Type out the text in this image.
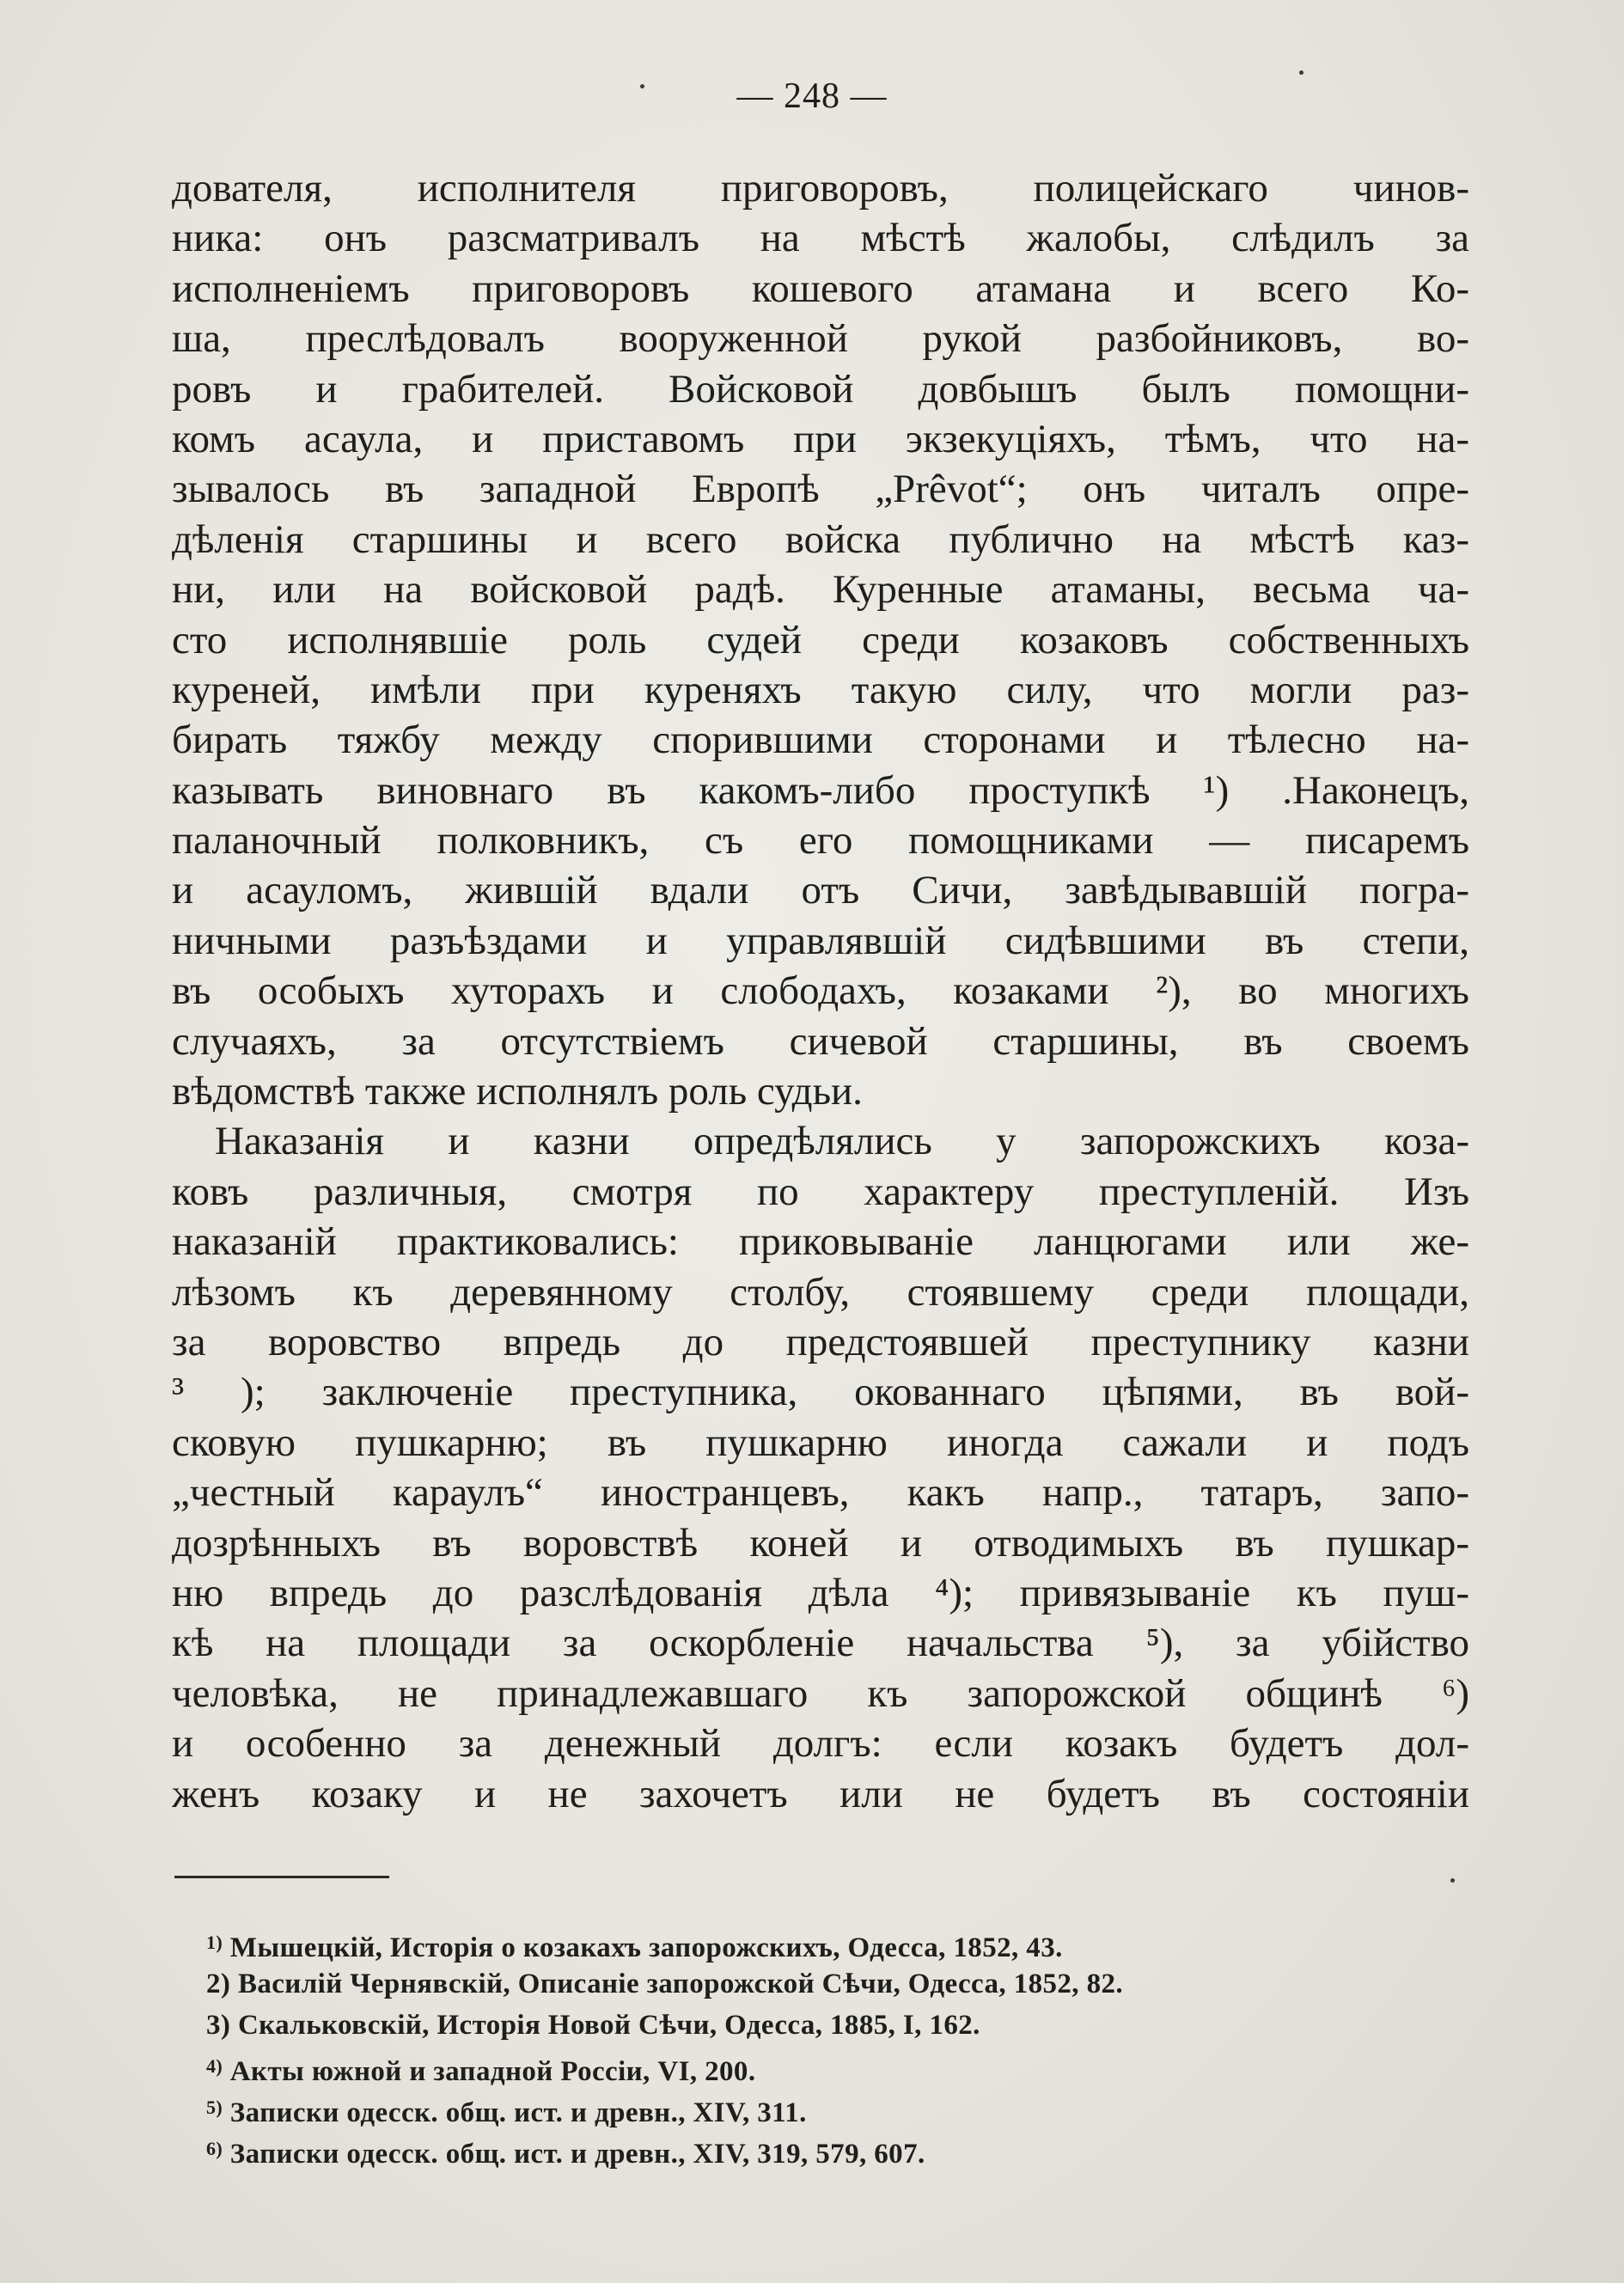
— 248 —
дователя, исполнителя приговоровъ, полицейскаго чинов-
ника: онъ разсматривалъ на мѣстѣ жалобы, слѣдилъ за
исполненіемъ приговоровъ кошевого атамана и всего Ко-
ша, преслѣдовалъ вооруженной рукой разбойниковъ, во-
ровъ и грабителей. Войсковой довбышъ былъ помощни-
комъ асаула, и приставомъ при экзекуціяхъ, тѣмъ, что на-
зывалось въ западной Европѣ „Prêvot“; онъ читалъ опре-
дѣленія старшины и всего войска публично на мѣстѣ каз-
ни, или на войсковой радѣ. Куренные атаманы, весьма ча-
сто исполнявшіе роль судей среди козаковъ собственныхъ
куреней, имѣли при куреняхъ такую силу, что могли раз-
бирать тяжбу между спорившими сторонами и тѣлесно на-
казывать виновнаго въ какомъ-либо проступкѣ ¹) .Наконецъ,
паланочный полковникъ, съ его помощниками — писаремъ
и асауломъ, жившій вдали отъ Сичи, завѣдывавшій погра-
ничными разъѣздами и управлявшій сидѣвшими въ степи,
въ особыхъ хуторахъ и слободахъ, козаками ²), во многихъ
случаяхъ, за отсутствіемъ сичевой старшины, въ своемъ
вѣдомствѣ также исполнялъ роль судьи.
Наказанія и казни опредѣлялись у запорожскихъ коза-
ковъ различныя, смотря по характеру преступленій. Изъ
наказаній практиковались: приковываніе ланцюгами или же-
лѣзомъ къ деревянному столбу, стоявшему среди площади,
за воровство впредь до предстоявшей преступнику казни
³ ); заключеніе преступника, окованнаго цѣпями, въ вой-
сковую пушкарню; въ пушкарню иногда сажали и подъ
„честный караулъ“ иностранцевъ, какъ напр., татаръ, запо-
дозрѣнныхъ въ воровствѣ коней и отводимыхъ въ пушкар-
ню впредь до разслѣдованія дѣла ⁴); привязываніе къ пуш-
кѣ на площади за оскорбленіе начальства ⁵), за убійство
человѣка, не принадлежавшаго къ запорожской общинѣ ⁶)
и особенно за денежный долгъ: если козакъ будетъ дол-
женъ козаку и не захочетъ или не будетъ въ состояніи
$^{1)}$ Мышецкій, Исторія о козакахъ запорожскихъ, Одесса, 1852, 43.
2) Василій Чернявскій, Описаніе запорожской Сѣчи, Одесса, 1852, 82.
3) Скальковскій, Исторія Новой Сѣчи, Одесса, 1885, I, 162.
$^{4)}$ Акты южной и западной Россіи, VI, 200.
$^{5)}$ Записки одесск. общ. ист. и древн., XIV, 311.
$^{6)}$ Записки одесск. общ. ист. и древн., XIV, 319, 579, 607.
